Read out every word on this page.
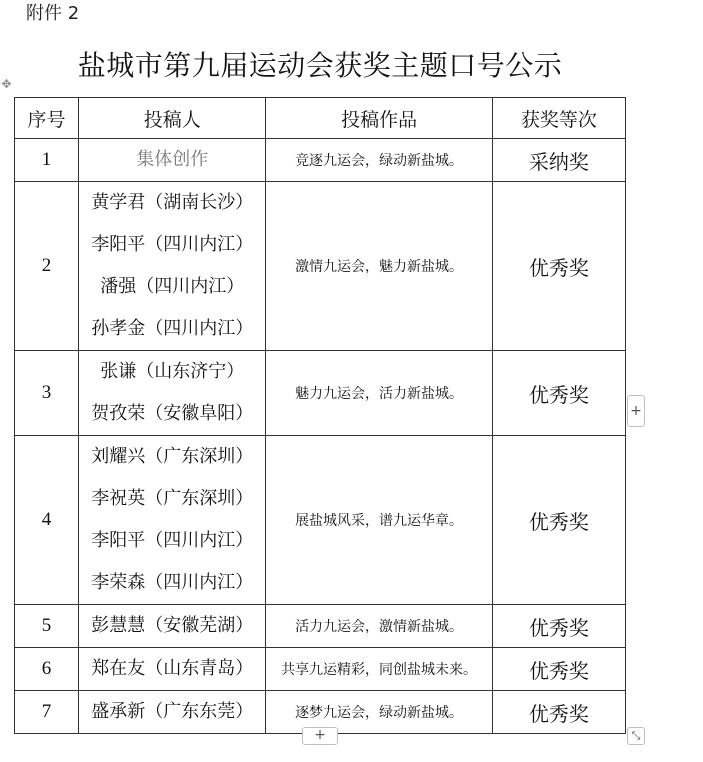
附件 2
盐城市第九届运动会获奖主题口号公示
✥
序号	投稿人	投稿作品	获奖等次
1	集体创作	竞逐九运会，绿动新盐城。	采纳奖
2	黄学君（湖南长沙）
李阳平（四川内江）
潘强（四川内江）
孙孝金（四川内江）	激情九运会，魅力新盐城。	优秀奖
3	张谦（山东济宁）
贺孜荣（安徽阜阳）	魅力九运会，活力新盐城。	优秀奖
4	刘耀兴（广东深圳）
李祝英（广东深圳）
李阳平（四川内江）
李荣森（四川内江）	展盐城风采，谱九运华章。	优秀奖
5	彭慧慧（安徽芜湖）	活力九运会，激情新盐城。	优秀奖
6	郑在友（山东青岛）	共享九运精彩，同创盐城未来。	优秀奖
7	盛承新（广东东莞）	逐梦九运会，绿动新盐城。	优秀奖
+
+	⤡
